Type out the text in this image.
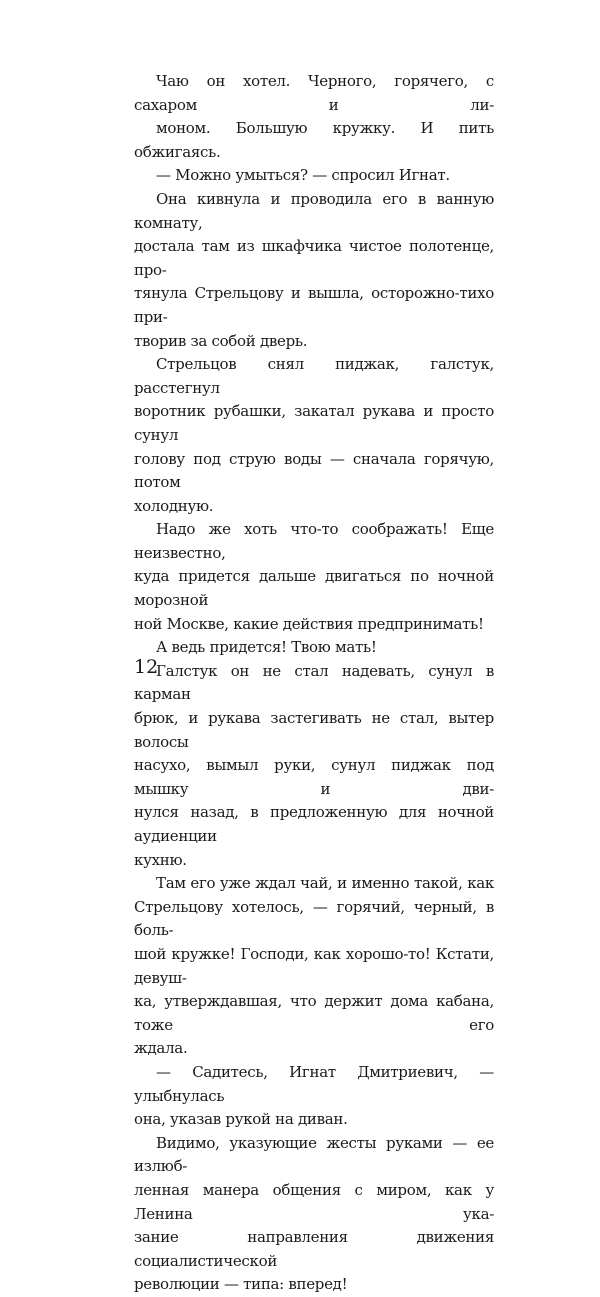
Чаю он хотел. Черного, горячего, с сахаром и ли-
моном. Большую кружку. И пить обжигаясь.

— Можно умыться? — спросил Игнат.

Она кивнула и проводила его в ванную комнату,
достала там из шкафчика чистое полотенце, про-
тянула Стрельцову и вышла, осторожно-тихо при-
творив за собой дверь.

Стрельцов снял пиджак, галстук, расстегнул
воротник рубашки, закатал рукава и просто сунул
голову под струю воды — сначала горячую, потом
холодную.

Надо же хоть что-то соображать! Еще неизвестно,
куда придется дальше двигаться по ночной морозной
ной Москве, какие действия предпринимать!

А ведь придется! Твою мать!

Галстук он не стал надевать, сунул в карман
брюк, и рукава застегивать не стал, вытер волосы
насухо, вымыл руки, сунул пиджак под мышку и дви-
нулся назад, в предложенную для ночной аудиенции
кухню.

Там его уже ждал чай, и именно такой, как
Стрельцову хотелось, — горячий, черный, в боль-
шой кружке! Господи, как хорошо-то! Кстати, девуш-
ка, утверждавшая, что держит дома кабана, тоже его
ждала.

— Садитесь, Игнат Дмитриевич, — улыбнулась
она, указав рукой на диван.

Видимо, указующие жесты руками — ее излюб-
ленная манера общения с миром, как у Ленина ука-
зание направления движения социалистической
революции — типа: вперед!

12
